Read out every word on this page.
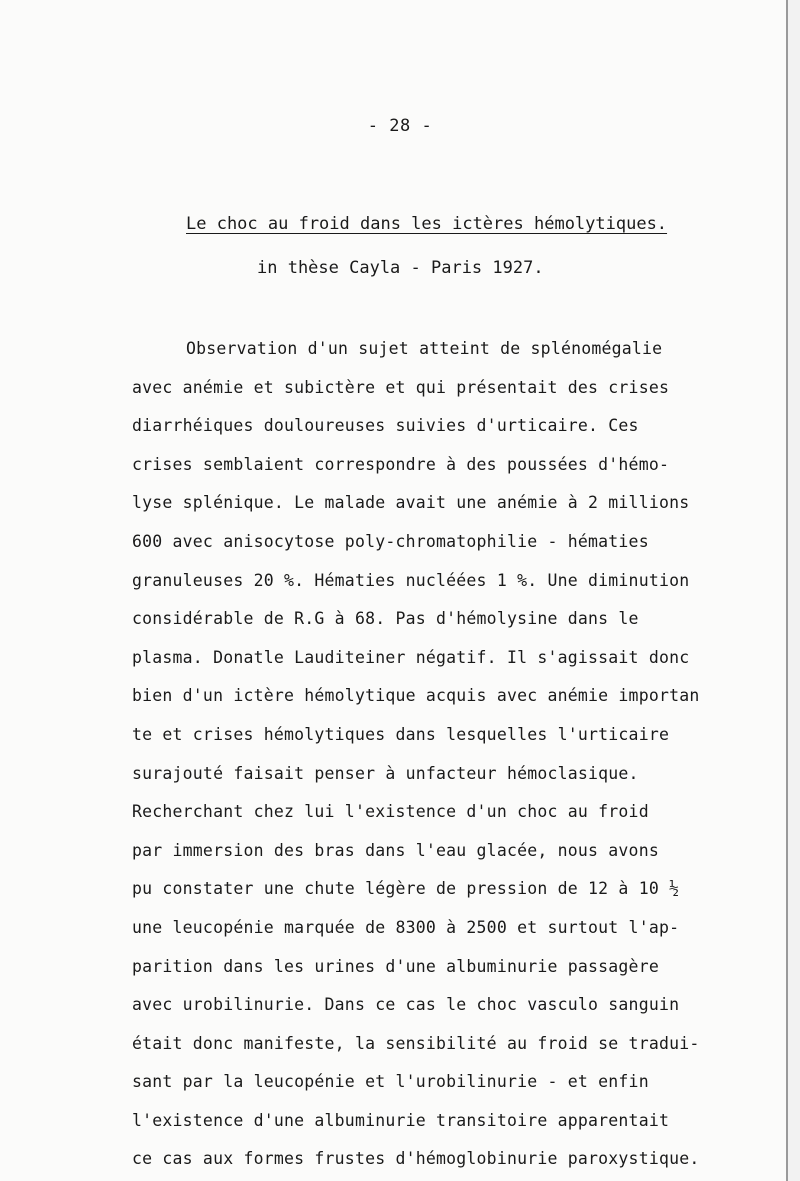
- 28 -
Le choc au froid dans les ictères hémolytiques.
in thèse Cayla - Paris 1927.
Observation d'un sujet atteint de splénomégalie
avec anémie et subictère et qui présentait des crises
diarrhéiques douloureuses suivies d'urticaire. Ces
crises semblaient correspondre à des poussées d'hémo-
lyse splénique. Le malade avait une anémie à 2 millions
600 avec anisocytose poly-chromatophilie - hématies
granuleuses 20 %. Hématies nucléées 1 %. Une diminution
considérable de R.G à 68. Pas d'hémolysine dans le
plasma. Donatle Lauditeiner négatif. Il s'agissait donc
bien d'un ictère hémolytique acquis avec anémie importan
te et crises hémolytiques dans lesquelles l'urticaire
surajouté faisait penser à unfacteur hémoclasique.
Recherchant chez lui l'existence d'un choc au froid
par immersion des bras dans l'eau glacée, nous avons
pu constater une chute légère de pression de 12 à 10 ½
une leucopénie marquée de 8300 à 2500 et surtout l'ap-
parition dans les urines d'une albuminurie passagère
avec urobilinurie. Dans ce cas le choc vasculo sanguin
était donc manifeste, la sensibilité au froid se tradui-
sant par la leucopénie et l'urobilinurie - et enfin
l'existence d'une albuminurie transitoire apparentait
ce cas aux formes frustes d'hémoglobinurie paroxystique.
